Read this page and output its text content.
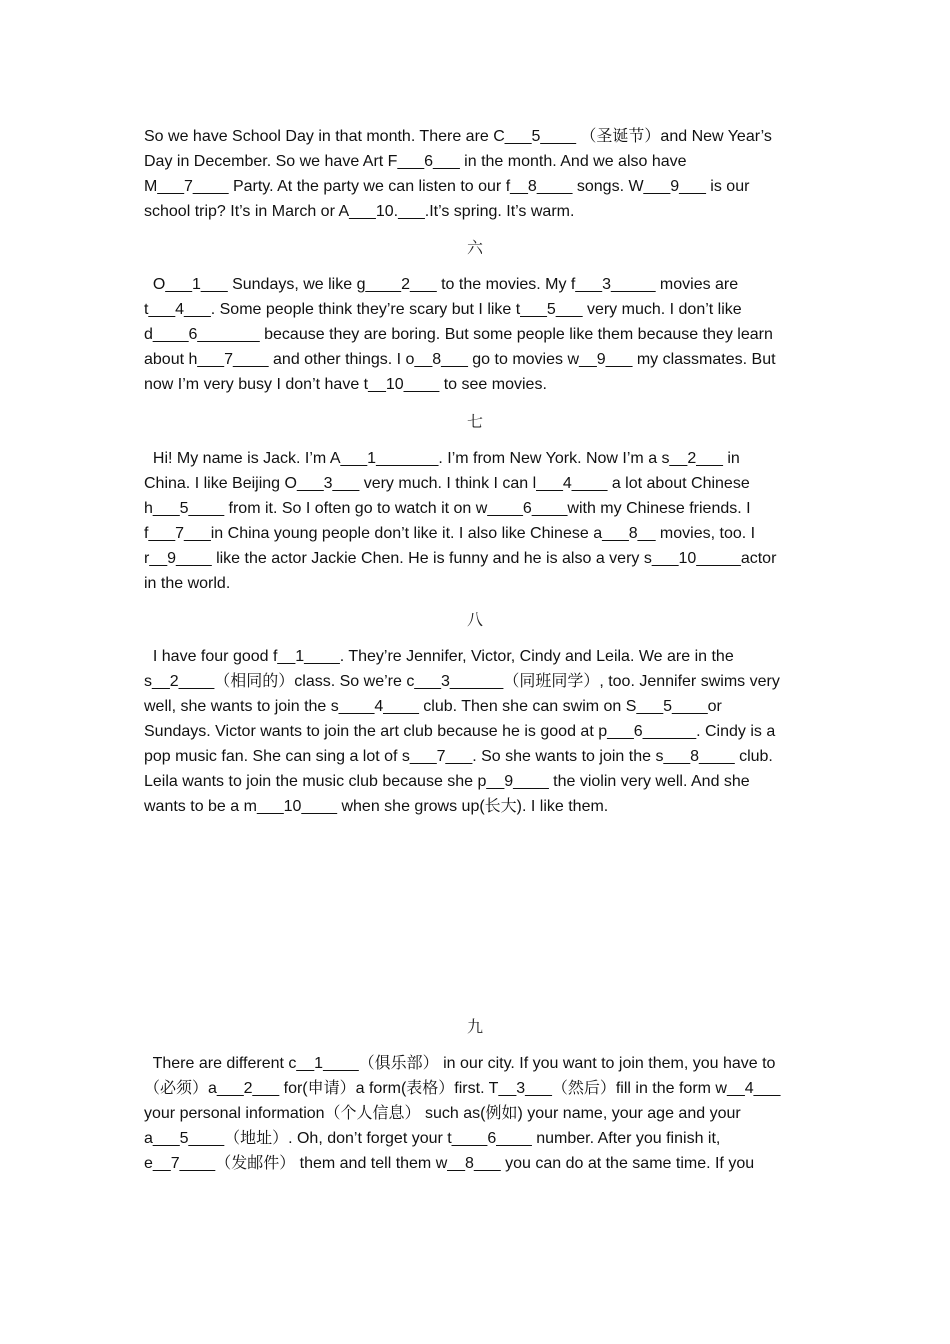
So we have School Day in that month. There are C___5____ （圣诞节）and New Year’s
Day in December. So we have Art F___6___ in the month. And we also have
M___7____ Party. At the party we can listen to our f__8____ songs. W___9___ is our
school trip? It’s in March or A___10.___.It’s spring. It’s warm.
六
O___1___ Sundays, we like g____2___ to the movies. My f___3_____ movies are
t___4___. Some people think they’re scary but I like t___5___ very much. I don’t like
d____6_______ because they are boring. But some people like them because they learn
about h___7____ and other things. I o__8___ go to movies w__9___ my classmates. But
now I’m very busy I don’t have t__10____ to see movies.
七
Hi! My name is Jack. I’m A___1_______. I’m from New York. Now I’m a s__2___ in
China. I like Beijing O___3___ very much. I think I can l___4____ a lot about Chinese
h___5____ from it. So I often go to watch it on w____6____with my Chinese friends. I
f___7___in China young people don’t like it. I also like Chinese a___8__ movies, too. I
r__9____ like the actor Jackie Chen. He is funny and he is also a very s___10_____actor
in the world.
八
I have four good f__1____. They’re Jennifer, Victor, Cindy and Leila. We are in the
s__2____（相同的）class. So we’re c___3______（同班同学）, too. Jennifer swims very
well, she wants to join the s____4____ club. Then she can swim on S___5____or
Sundays. Victor wants to join the art club because he is good at p___6______. Cindy is a
pop music fan. She can sing a lot of s___7___. So she wants to join the s___8____ club.
Leila wants to join the music club because she p__9____ the violin very well. And she
wants to be a m___10____ when she grows up(长大). I like them.
九
There are different c__1____（俱乐部） in our city. If you want to join them, you have to
（必须）a___2___ for(申请）a form(表格）first. T__3___（然后）fill in the form w__4___
your personal information（个人信息） such as(例如) your name, your age and your
a___5____（地址）. Oh, don’t forget your t____6____ number. After you finish it,
e__7____（发邮件） them and tell them w__8___ you can do at the same time. If you
